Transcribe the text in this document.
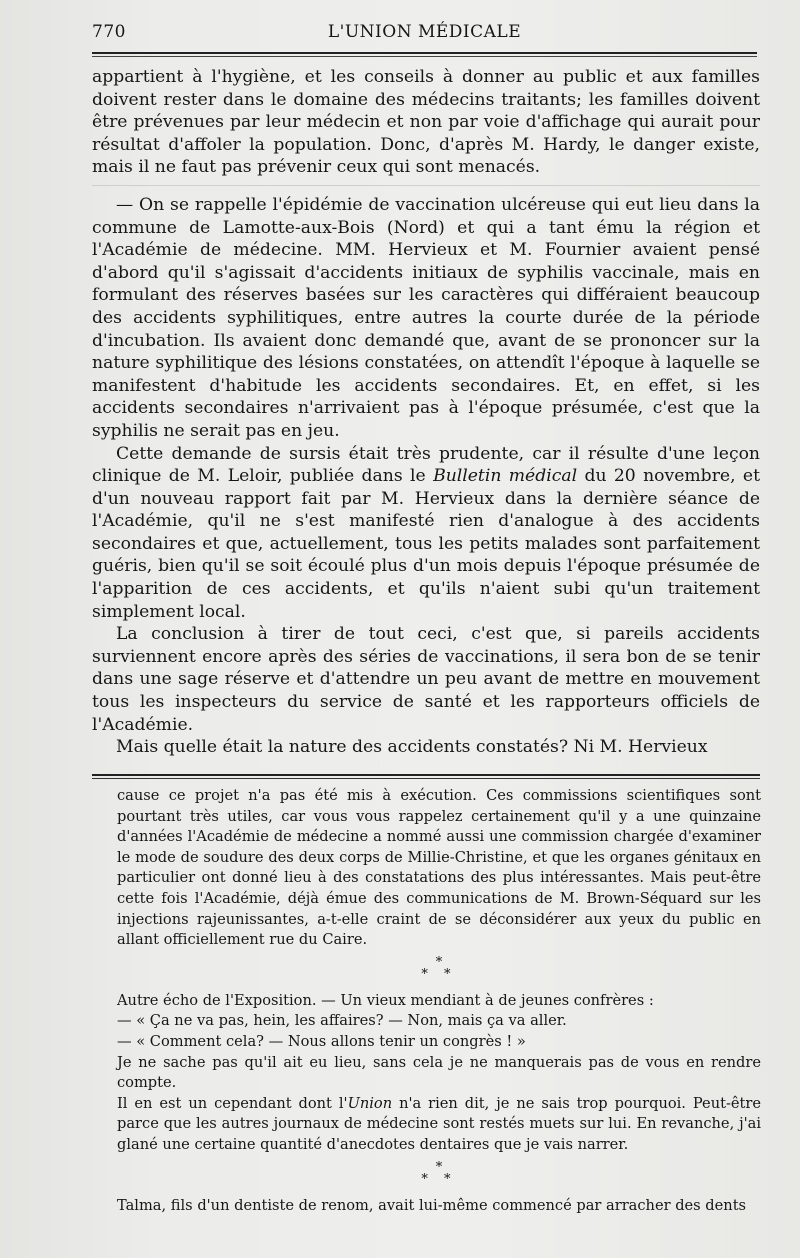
770	L'UNION MÉDICALE

appartient à l'hygiène, et les conseils à donner au public et aux familles doivent rester dans le domaine des médecins traitants; les familles doivent être prévenues par leur médecin et non par voie d'affichage qui aurait pour résultat d'affoler la population. Donc, d'après M. Hardy, le danger existe, mais il ne faut pas prévenir ceux qui sont menacés.

— On se rappelle l'épidémie de vaccination ulcéreuse qui eut lieu dans la commune de Lamotte-aux-Bois (Nord) et qui a tant ému la région et l'Académie de médecine. MM. Hervieux et M. Fournier avaient pensé d'abord qu'il s'agissait d'accidents initiaux de syphilis vaccinale, mais en formulant des réserves basées sur les caractères qui différaient beaucoup des accidents syphilitiques, entre autres la courte durée de la période d'incubation. Ils avaient donc demandé que, avant de se prononcer sur la nature syphilitique des lésions constatées, on attendît l'époque à laquelle se manifestent d'habitude les accidents secondaires. Et, en effet, si les accidents secondaires n'arrivaient pas à l'époque présumée, c'est que la syphilis ne serait pas en jeu.

Cette demande de sursis était très prudente, car il résulte d'une leçon clinique de M. Leloir, publiée dans le Bulletin médical du 20 novembre, et d'un nouveau rapport fait par M. Hervieux dans la dernière séance de l'Académie, qu'il ne s'est manifesté rien d'analogue à des accidents secondaires et que, actuellement, tous les petits malades sont parfaitement guéris, bien qu'il se soit écoulé plus d'un mois depuis l'époque présumée de l'apparition de ces accidents, et qu'ils n'aient subi qu'un traitement simplement local.

La conclusion à tirer de tout ceci, c'est que, si pareils accidents surviennent encore après des séries de vaccinations, il sera bon de se tenir dans une sage réserve et d'attendre un peu avant de mettre en mouvement tous les inspecteurs du service de santé et les rapporteurs officiels de l'Académie.

Mais quelle était la nature des accidents constatés? Ni M. Hervieux

cause ce projet n'a pas été mis à exécution. Ces commissions scientifiques sont pourtant très utiles, car vous vous rappelez certainement qu'il y a une quinzaine d'années l'Académie de médecine a nommé aussi une commission chargée d'examiner le mode de soudure des deux corps de Millie-Christine, et que les organes génitaux en particulier ont donné lieu à des constatations des plus intéressantes. Mais peut-être cette fois l'Académie, déjà émue des communications de M. Brown-Séquard sur les injections rajeunissantes, a-t-elle craint de se déconsidérer aux yeux du public en allant officiellement rue du Caire.

*
* *

Autre écho de l'Exposition. — Un vieux mendiant à de jeunes confrères :

— « Ça ne va pas, hein, les affaires? — Non, mais ça va aller.

— « Comment cela? — Nous allons tenir un congrès ! »

Je ne sache pas qu'il ait eu lieu, sans cela je ne manquerais pas de vous en rendre compte.

Il en est un cependant dont l'Union n'a rien dit, je ne sais trop pourquoi. Peut-être parce que les autres journaux de médecine sont restés muets sur lui. En revanche, j'ai glané une certaine quantité d'anecdotes dentaires que je vais narrer.

*
* *

Talma, fils d'un dentiste de renom, avait lui-même commencé par arracher des dents
